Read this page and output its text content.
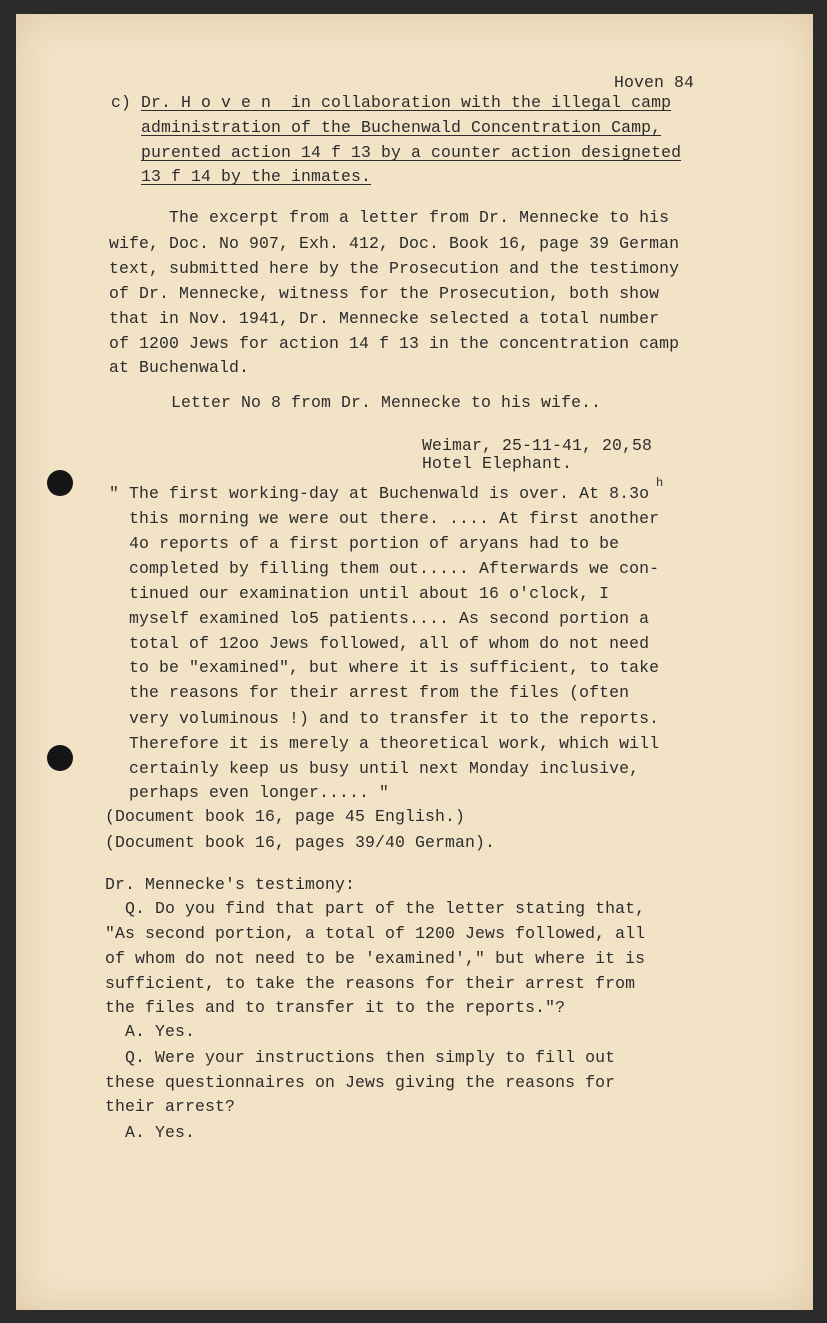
Hoven 84
c) Dr. H o v e n  in collaboration with the illegal camp
administration of the Buchenwald Concentration Camp,
purented action 14 f 13 by a counter action designeted
13 f 14 by the inmates.
The excerpt from a letter from Dr. Mennecke to his
wife, Doc. No 907, Exh. 412, Doc. Book 16, page 39 German
text, submitted here by the Prosecution and the testimony
of Dr. Mennecke, witness for the Prosecution, both show
that in Nov. 1941, Dr. Mennecke selected a total number
of 1200 Jews for action 14 f 13 in the concentration camp
at Buchenwald.
Letter No 8 from Dr. Mennecke to his wife..
Weimar, 25-11-41, 20,58
Hotel Elephant.
" The first working-day at Buchenwald is over. At 8.3o
h
this morning we were out there. .... At first another
4o reports of a first portion of aryans had to be
completed by filling them out..... Afterwards we con-
tinued our examination until about 16 o'clock, I
myself examined lo5 patients.... As second portion a
total of 12oo Jews followed, all of whom do not need
to be "examined", but where it is sufficient, to take
the reasons for their arrest from the files (often
very voluminous !) and to transfer it to the reports.
Therefore it is merely a theoretical work, which will
certainly keep us busy until next Monday inclusive,
perhaps even longer..... "
(Document book 16, page 45 English.)
(Document book 16, pages 39/40 German).
Dr. Mennecke's testimony:
Q. Do you find that part of the letter stating that,
"As second portion, a total of 1200 Jews followed, all
of whom do not need to be 'examined'," but where it is
sufficient, to take the reasons for their arrest from
the files and to transfer it to the reports."?
A. Yes.
Q. Were your instructions then simply to fill out
these questionnaires on Jews giving the reasons for
their arrest?
A. Yes.
